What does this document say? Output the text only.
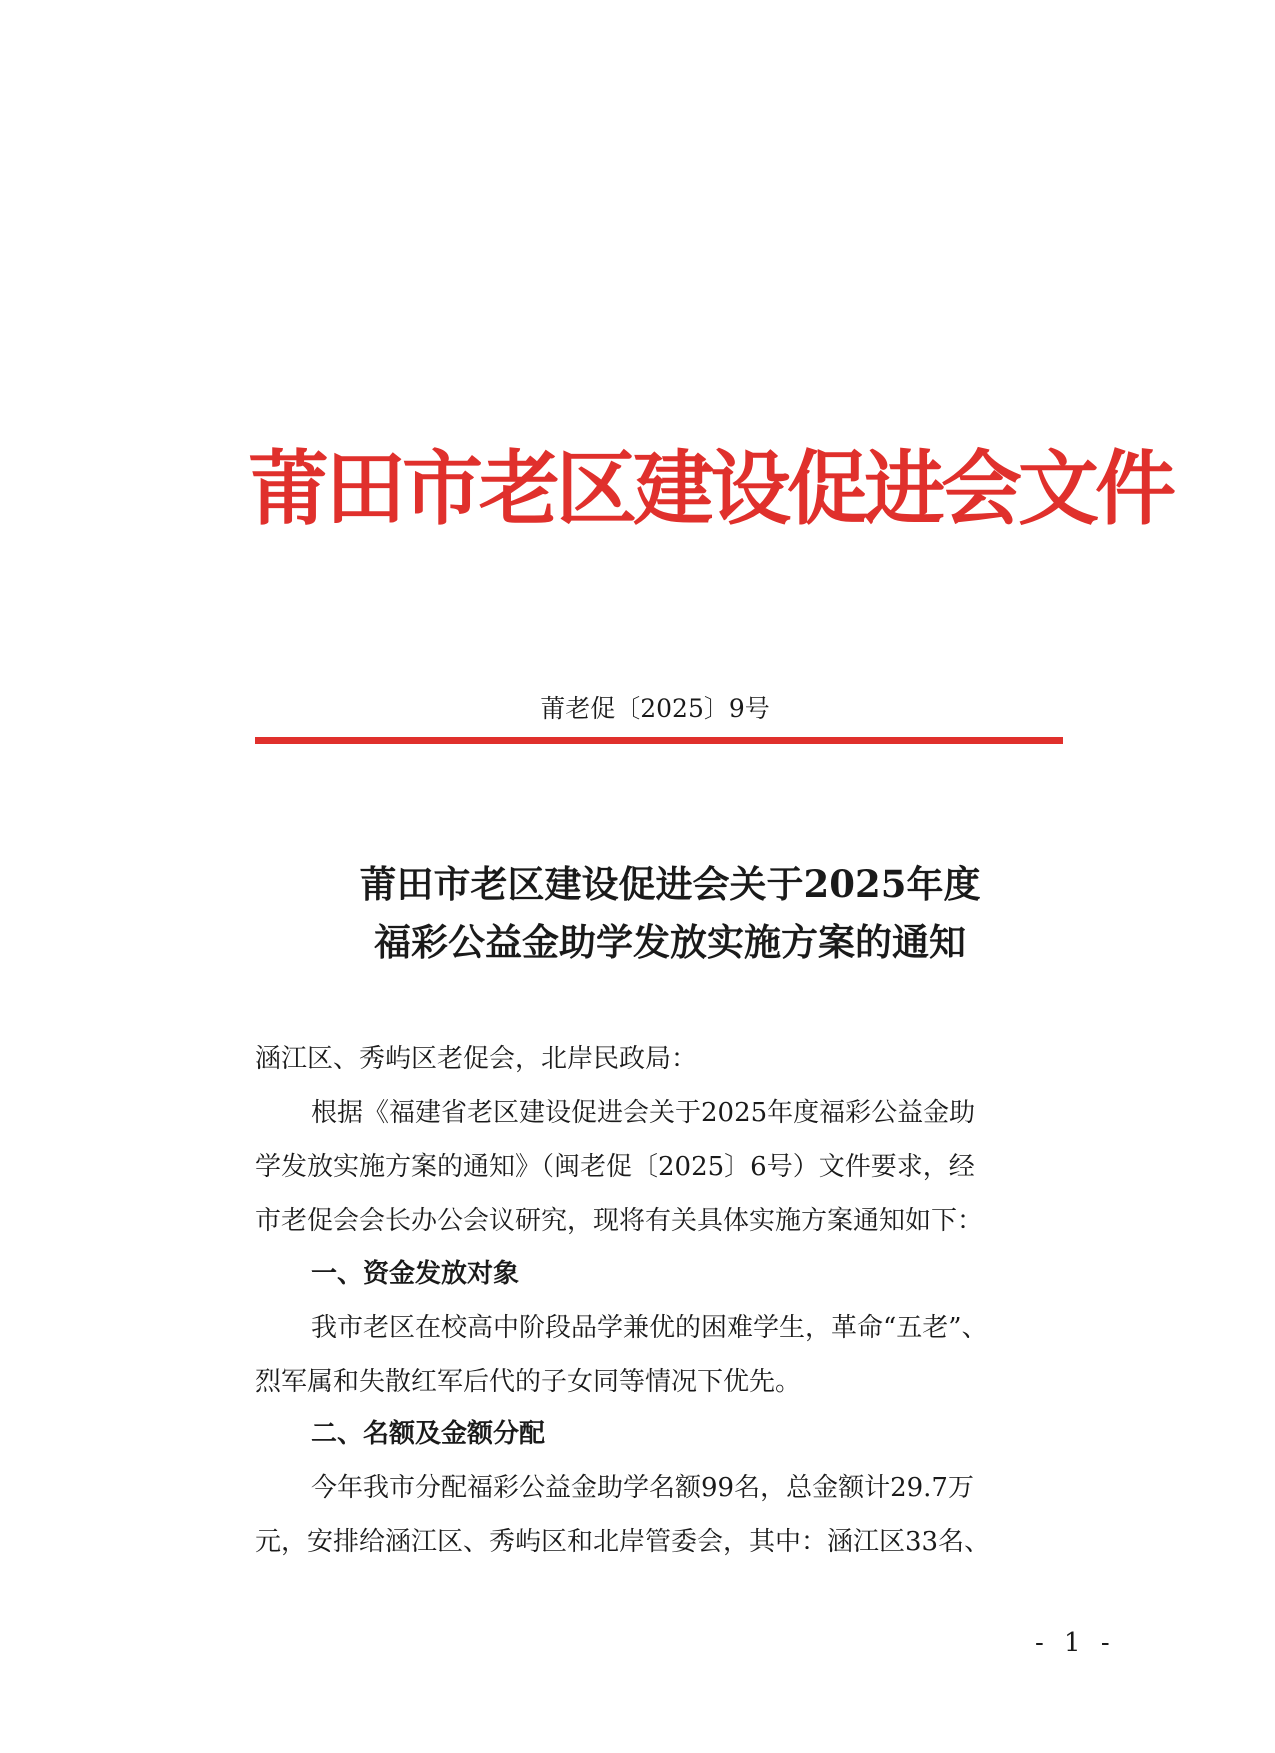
莆田市老区建设促进会文件
莆老促〔2025〕9号
莆田市老区建设促进会关于2025年度
福彩公益金助学发放实施方案的通知
涵江区、秀屿区老促会，北岸民政局：
根据《福建省老区建设促进会关于2025年度福彩公益金助
学发放实施方案的通知》（闽老促〔2025〕6号）文件要求，经
市老促会会长办公会议研究，现将有关具体实施方案通知如下：
一、资金发放对象
我市老区在校高中阶段品学兼优的困难学生，革命“五老”、
烈军属和失散红军后代的子女同等情况下优先。
二、名额及金额分配
今年我市分配福彩公益金助学名额99名，总金额计29.7万
元，安排给涵江区、秀屿区和北岸管委会，其中：涵江区33名、
- 1 -
